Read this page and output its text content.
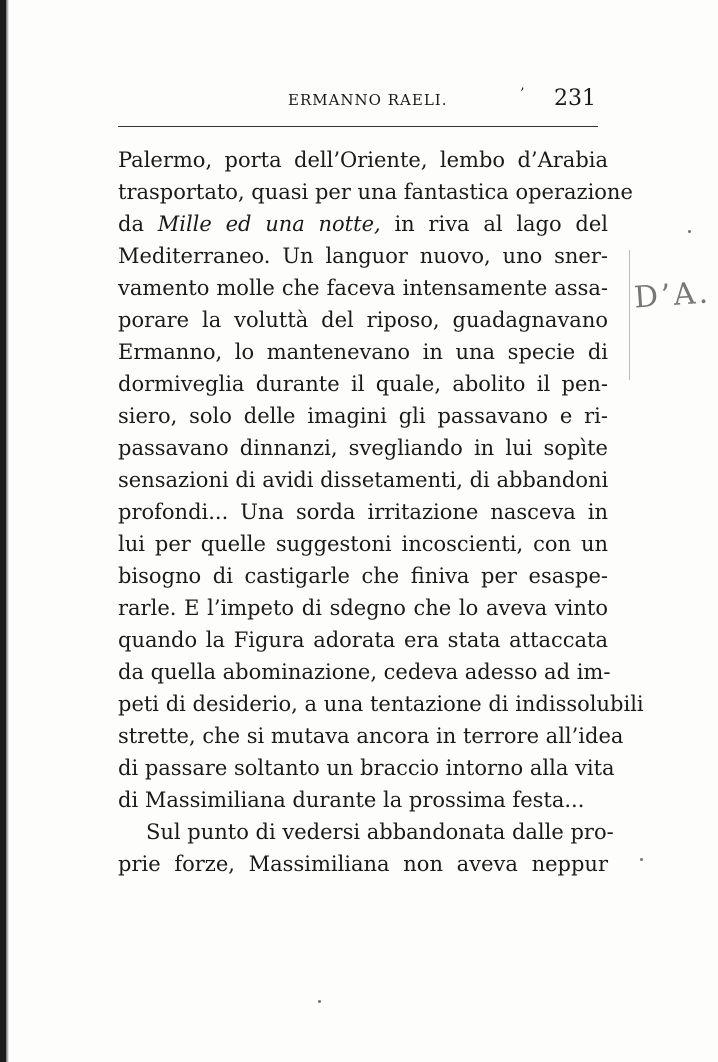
ERMANNO RAELI.	’ 231
Palermo, porta dell’Oriente, lembo d’Arabia
trasportato, quasi per una fantastica operazione
da Mille ed una notte, in riva al lago del
Mediterraneo. Un languor nuovo, uno sner-
vamento molle che faceva intensamente assa-
porare la voluttà del riposo, guadagnavano
Ermanno, lo mantenevano in una specie di
dormiveglia durante il quale, abolito il pen-
siero, solo delle imagini gli passavano e ri-
passavano dinnanzi, svegliando in lui sopìte
sensazioni di avidi dissetamenti, di abbandoni
profondi... Una sorda irritazione nasceva in
lui per quelle suggestoni incoscienti, con un
bisogno di castigarle che finiva per esaspe-
rarle. E l’impeto di sdegno che lo aveva vinto
quando la Figura adorata era stata attaccata
da quella abominazione, cedeva adesso ad im-
peti di desiderio, a una tentazione di indissolubili
strette, che si mutava ancora in terrore all’idea
di passare soltanto un braccio intorno alla vita
di Massimiliana durante la prossima festa...
Sul punto di vedersi abbandonata dalle pro-
prie forze, Massimiliana non aveva neppur
D’A.
